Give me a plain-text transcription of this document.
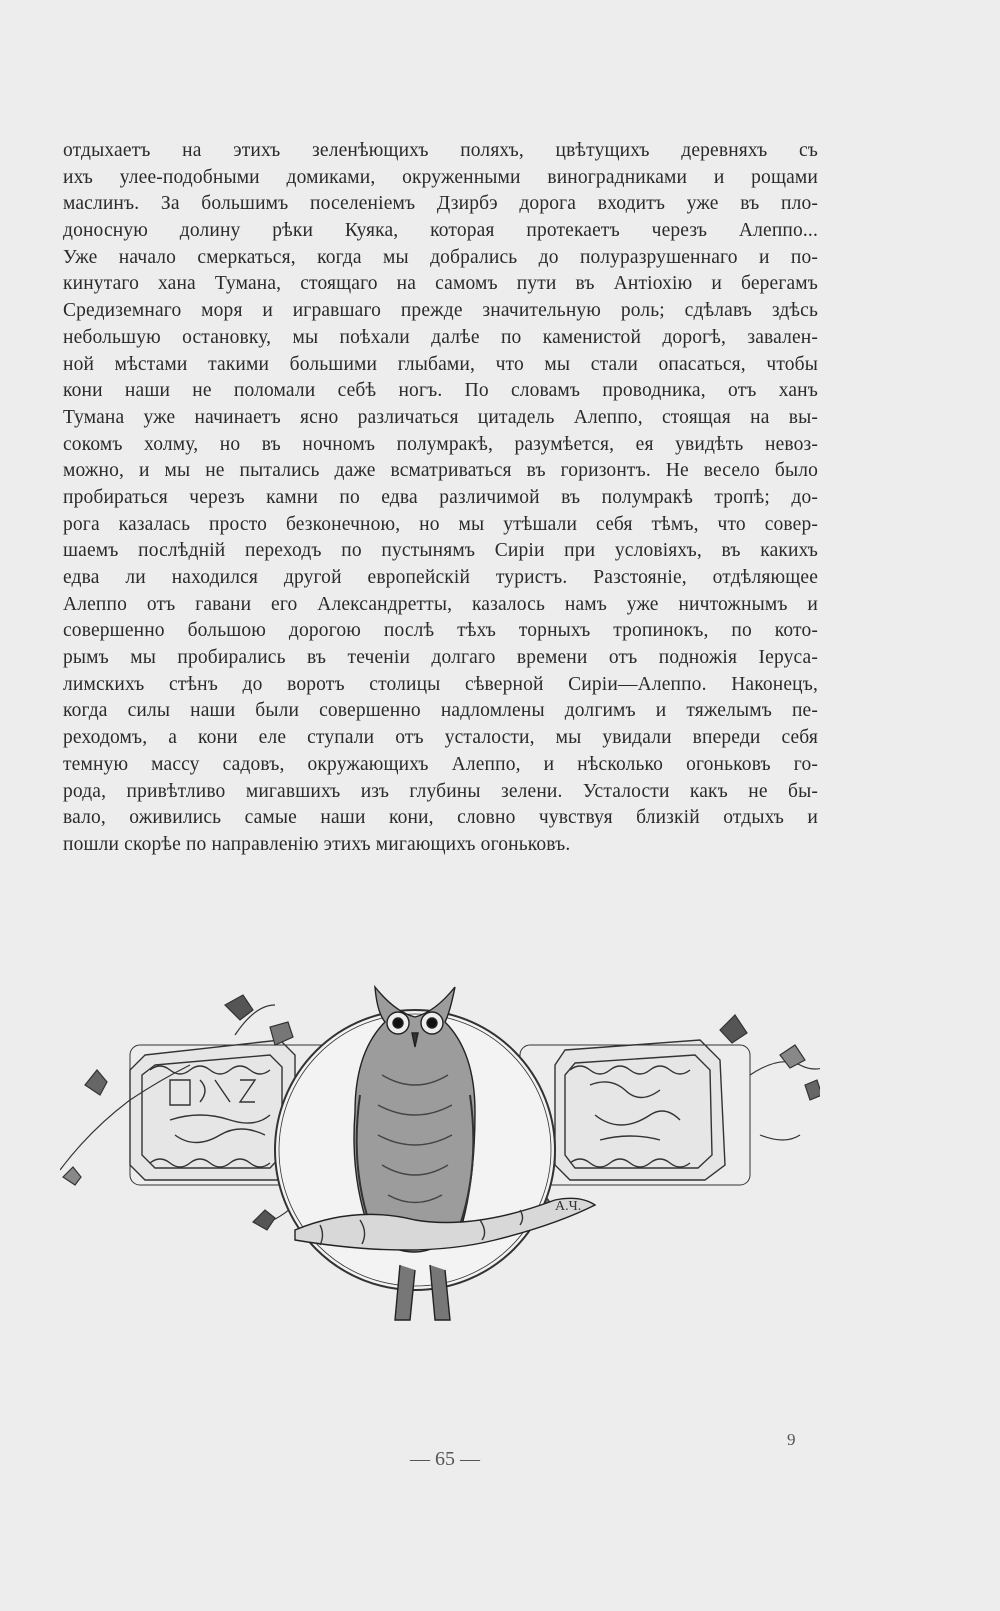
отдыхаетъ на этихъ зеленѣющихъ поляхъ, цвѣтущихъ деревняхъ съ
ихъ улее-подобными домиками, окруженными виноградниками и рощами
маслинъ. За большимъ поселеніемъ Дзирбэ дорога входитъ уже въ пло-
доносную долину рѣки Куяка, которая протекаетъ черезъ Алеппо...
Уже начало смеркаться, когда мы добрались до полуразрушеннаго и по-
кинутаго хана Тумана, стоящаго на самомъ пути въ Антіохію и берегамъ
Средиземнаго моря и игравшаго прежде значительную роль; сдѣлавъ здѣсь
небольшую остановку, мы поѣхали далѣе по каменистой дорогѣ, завален-
ной мѣстами такими большими глыбами, что мы стали опасаться, чтобы
кони наши не поломали себѣ ногъ. По словамъ проводника, отъ ханъ
Тумана уже начинаетъ ясно различаться цитадель Алеппо, стоящая на вы-
сокомъ холму, но въ ночномъ полумракѣ, разумѣется, ея увидѣть невоз-
можно, и мы не пытались даже всматриваться въ горизонтъ. Не весело было
пробираться черезъ камни по едва различимой въ полумракѣ тропѣ; до-
рога казалась просто безконечною, но мы утѣшали себя тѣмъ, что совер-
шаемъ послѣдній переходъ по пустынямъ Сиріи при условіяхъ, въ какихъ
едва ли находился другой европейскій туристъ. Разстояніе, отдѣляющее
Алеппо отъ гавани его Александретты, казалось намъ уже ничтожнымъ и
совершенно большою дорогою послѣ тѣхъ торныхъ тропинокъ, по кото-
рымъ мы пробирались въ теченіи долгаго времени отъ подножія Іеруса-
лимскихъ стѣнъ до воротъ столицы сѣверной Сиріи—Алеппо. Наконецъ,
когда силы наши были совершенно надломлены долгимъ и тяжелымъ пе-
реходомъ, а кони еле ступали отъ усталости, мы увидали впереди себя
темную массу садовъ, окружающихъ Алеппо, и нѣсколько огоньковъ го-
рода, привѣтливо мигавшихъ изъ глубины зелени. Усталости какъ не бы-
вало, оживились самые наши кони, словно чувствуя близкій отдыхъ и
пошли скорѣе по направленію этихъ мигающихъ огоньковъ.
А.Ч.
— 65 —
9
